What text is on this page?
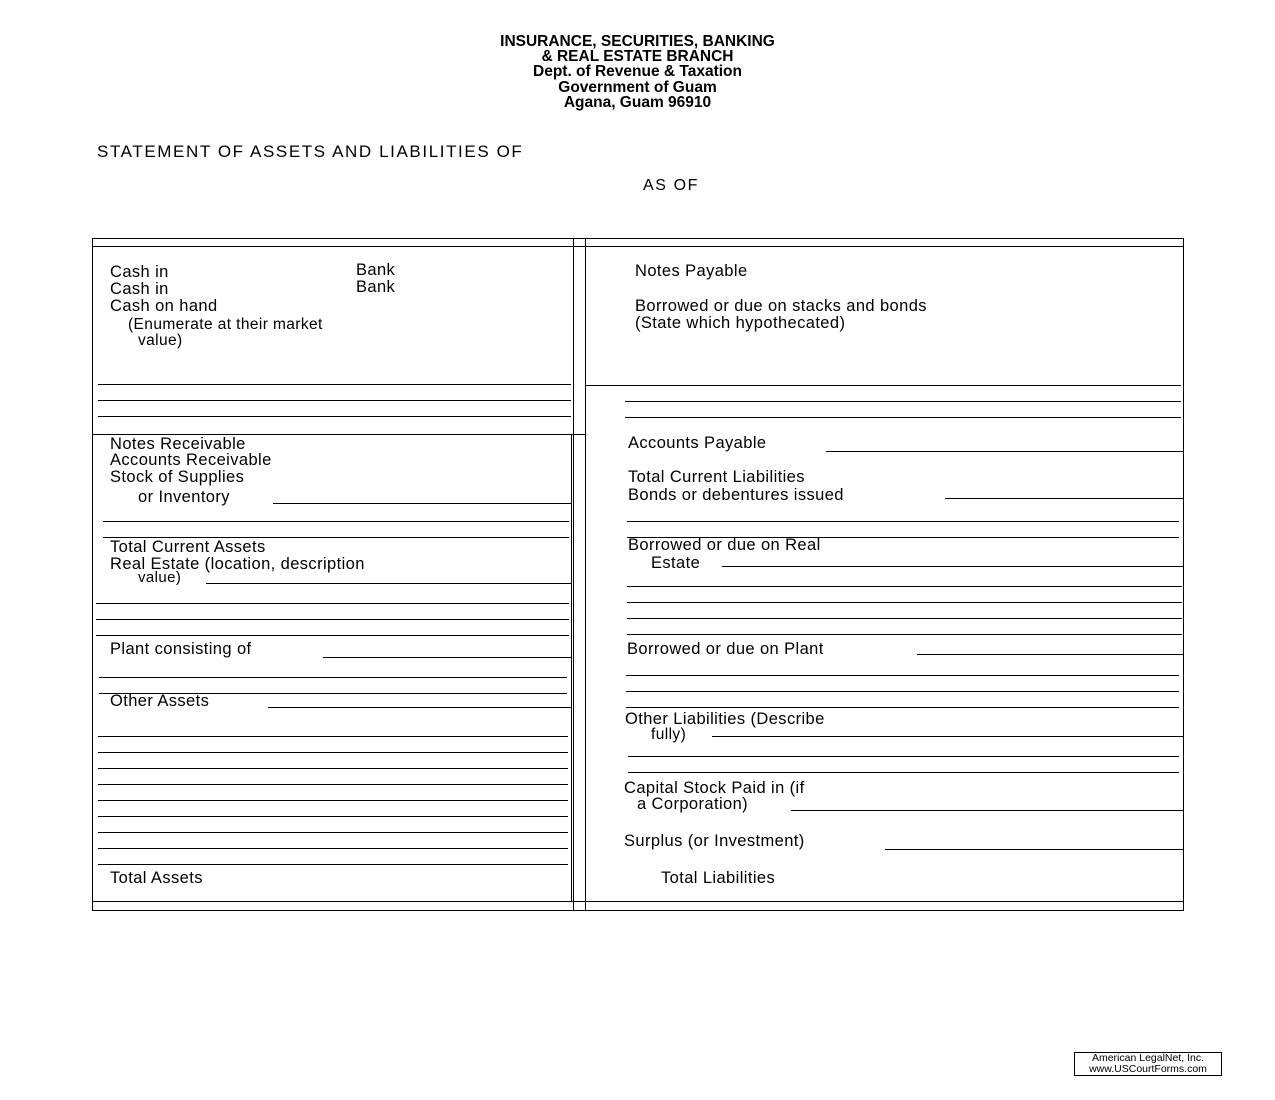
INSURANCE, SECURITIES, BANKING
& REAL ESTATE BRANCH
Dept. of Revenue & Taxation
Government of Guam
Agana, Guam 96910
STATEMENT OF ASSETS AND LIABILITIES OF
AS OF
Cash in	Bank
Cash in	Bank
Cash on hand
(Enumerate at their market
value)
Notes Receivable
Accounts Receivable
Stock of Supplies
or Inventory
Total Current Assets
Real Estate (location, description
value)
Plant consisting of
Other Assets
Total Assets
Notes Payable
Borrowed or due on stacks and bonds
(State which hypothecated)
Accounts Payable
Total Current Liabilities
Bonds or debentures issued
Borrowed or due on Real
Estate
Borrowed or due on Plant
Other Liabilities (Describe
fully)
Capital Stock Paid in (if
a Corporation)
Surplus (or Investment)
Total Liabilities
American LegalNet, Inc.
www.USCourtForms.com
